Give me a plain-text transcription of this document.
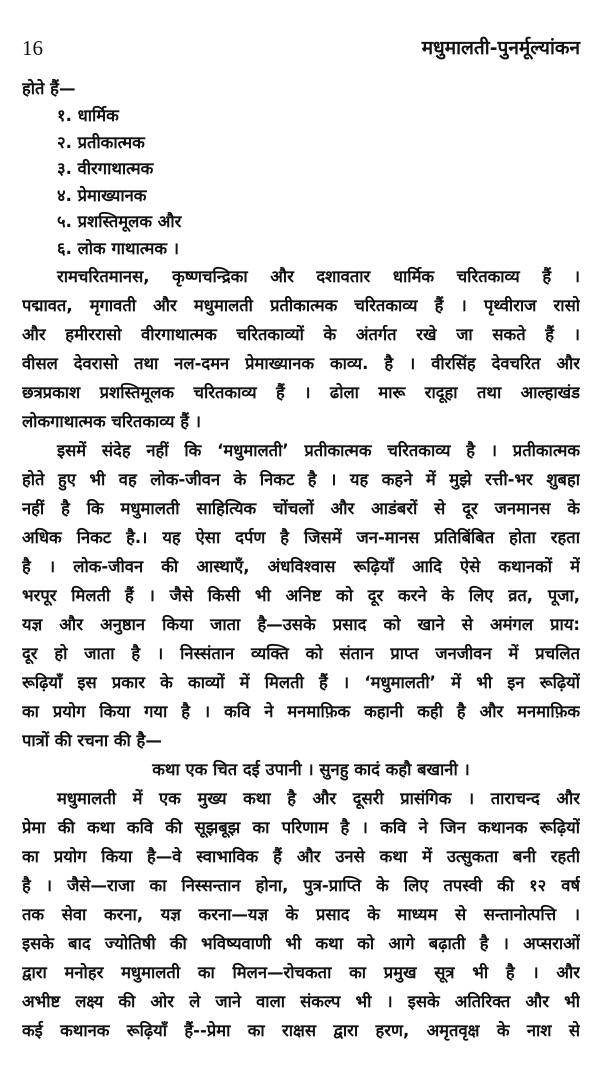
16	मधुमालती-पुनर्मूल्यांकन
होते हैं—
१. धार्मिक
२. प्रतीकात्मक
३. वीरगाथात्मक
४. प्रेमाख्यानक
५. प्रशस्तिमूलक और
६. लोक गाथात्मक ।
रामचरितमानस, कृष्णचन्द्रिका और दशावतार धार्मिक चरितकाव्य हैं ।
पद्मावत, मृगावती और मधुमालती प्रतीकात्मक चरितकाव्य हैं । पृथ्वीराज रासो
और हमीररासो वीरगाथात्मक चरितकाव्यों के अंतर्गत रखे जा सकते हैं ।
वीसल देवरासो तथा नल-दमन प्रेमाख्यानक काव्य. है । वीरसिंह देवचरित और
छत्रप्रकाश प्रशस्तिमूलक चरितकाव्य हैं । ढोला मारू रादूहा तथा आल्हाखंड
लोकगाथात्मक चरितकाव्य हैं ।
इसमें संदेह नहीं कि ‘मधुमालती’ प्रतीकात्मक चरितकाव्य है । प्रतीकात्मक
होते हुए भी वह लोक-जीवन के निकट है । यह कहने में मुझे रत्ती-भर शुबहा
नहीं है कि मधुमालती साहित्यिक चोंचलों और आडंबरों से दूर जनमानस के
अधिक निकट है.। यह ऐसा दर्पण है जिसमें जन-मानस प्रतिबिंबित होता रहता
है । लोक-जीवन की आस्थाएँ, अंधविश्वास रूढ़ियाँ आदि ऐसे कथानकों में
भरपूर मिलती हैं । जैसे किसी भी अनिष्ट को दूर करने के लिए व्रत, पूजा,
यज्ञ और अनुष्ठान किया जाता है—उसके प्रसाद को खाने से अमंगल प्राय:
दूर हो जाता है । निस्संतान व्यक्ति को संतान प्राप्त जनजीवन में प्रचलित
रूढ़ियाँ इस प्रकार के काव्यों में मिलती हैं । ‘मधुमालती’ में भी इन रूढ़ियों
का प्रयोग किया गया है । कवि ने मनमाफ़िक कहानी कही है और मनमाफ़िक
पात्रों की रचना की है—
कथा एक चित दई उपानी । सुनहु कादं कहौ बखानी ।
मधुमालती में एक मुख्य कथा है और दूसरी प्रासंगिक । ताराचन्द और
प्रेमा की कथा कवि की सूझबूझ का परिणाम है । कवि ने जिन कथानक रूढ़ियों
का प्रयोग किया है—वे स्वाभाविक हैं और उनसे कथा में उत्सुकता बनी रहती
है । जैसे—राजा का निस्सन्तान होना, पुत्र-प्राप्ति के लिए तपस्वी की १२ वर्ष
तक सेवा करना, यज्ञ करना—यज्ञ के प्रसाद के माध्यम से सन्तानोत्पत्ति ।
इसके बाद ज्योतिषी की भविष्यवाणी भी कथा को आगे बढ़ाती है । अप्सराओं
द्वारा मनोहर मधुमालती का मिलन—रोचकता का प्रमुख सूत्र भी है । और
अभीष्ट लक्ष्य की ओर ले जाने वाला संकल्प भी । इसके अतिरिक्त और भी
कई कथानक रूढ़ियाँ हैं--प्रेमा का राक्षस द्वारा हरण, अमृतवृक्ष के नाश से
